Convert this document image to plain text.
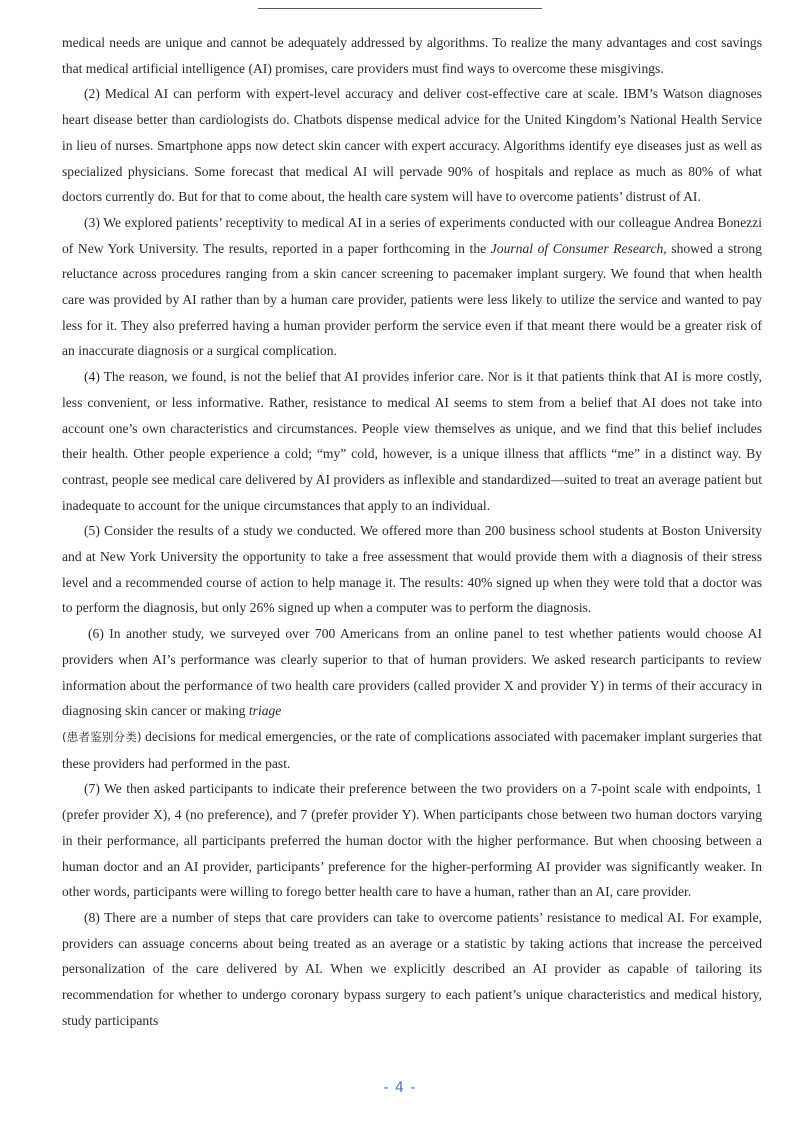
medical needs are unique and cannot be adequately addressed by algorithms. To realize the many advantages and cost savings that medical artificial intelligence (AI) promises, care providers must find ways to overcome these misgivings.

(2) Medical AI can perform with expert-level accuracy and deliver cost-effective care at scale. IBM’s Watson diagnoses heart disease better than cardiologists do. Chatbots dispense medical advice for the United Kingdom’s National Health Service in lieu of nurses. Smartphone apps now detect skin cancer with expert accuracy. Algorithms identify eye diseases just as well as specialized physicians. Some forecast that medical AI will pervade 90% of hospitals and replace as much as 80% of what doctors currently do. But for that to come about, the health care system will have to overcome patients’ distrust of AI.

(3) We explored patients’ receptivity to medical AI in a series of experiments conducted with our colleague Andrea Bonezzi of New York University. The results, reported in a paper forthcoming in the Journal of Consumer Research, showed a strong reluctance across procedures ranging from a skin cancer screening to pacemaker implant surgery. We found that when health care was provided by AI rather than by a human care provider, patients were less likely to utilize the service and wanted to pay less for it. They also preferred having a human provider perform the service even if that meant there would be a greater risk of an inaccurate diagnosis or a surgical complication.

(4) The reason, we found, is not the belief that AI provides inferior care. Nor is it that patients think that AI is more costly, less convenient, or less informative. Rather, resistance to medical AI seems to stem from a belief that AI does not take into account one’s own characteristics and circumstances. People view themselves as unique, and we find that this belief includes their health. Other people experience a cold; “my” cold, however, is a unique illness that afflicts “me” in a distinct way. By contrast, people see medical care delivered by AI providers as inflexible and standardized—suited to treat an average patient but inadequate to account for the unique circumstances that apply to an individual.

(5) Consider the results of a study we conducted. We offered more than 200 business school students at Boston University and at New York University the opportunity to take a free assessment that would provide them with a diagnosis of their stress level and a recommended course of action to help manage it. The results: 40% signed up when they were told that a doctor was to perform the diagnosis, but only 26% signed up when a computer was to perform the diagnosis.

(6) In another study, we surveyed over 700 Americans from an online panel to test whether patients would choose AI providers when AI’s performance was clearly superior to that of human providers. We asked research participants to review information about the performance of two health care providers (called provider X and provider Y) in terms of their accuracy in diagnosing skin cancer or making triage
(患者鉴别分类) decisions for medical emergencies, or the rate of complications associated with pacemaker implant surgeries that these providers had performed in the past.

(7) We then asked participants to indicate their preference between the two providers on a 7-point scale with endpoints, 1 (prefer provider X), 4 (no preference), and 7 (prefer provider Y). When participants chose between two human doctors varying in their performance, all participants preferred the human doctor with the higher performance. But when choosing between a human doctor and an AI provider, participants’ preference for the higher-performing AI provider was significantly weaker. In other words, participants were willing to forego better health care to have a human, rather than an AI, care provider.

(8) There are a number of steps that care providers can take to overcome patients’ resistance to medical AI. For example, providers can assuage concerns about being treated as an average or a statistic by taking actions that increase the perceived personalization of the care delivered by AI. When we explicitly described an AI provider as capable of tailoring its recommendation for whether to undergo coronary bypass surgery to each patient’s unique characteristics and medical history, study participants

- 4 -
